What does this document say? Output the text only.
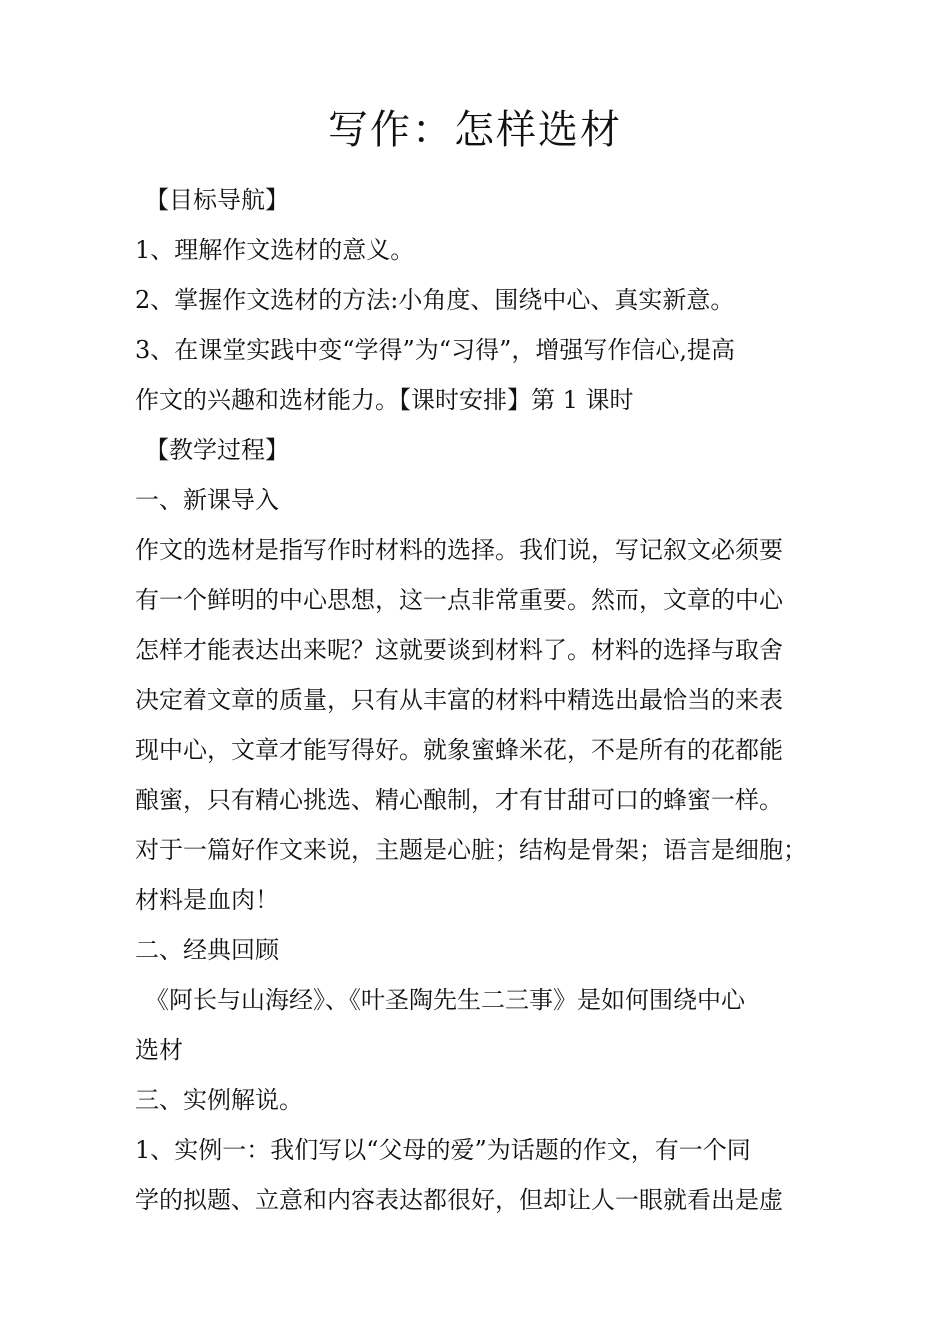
写作：怎样选材
【目标导航】
1、理解作文选材的意义。
2、掌握作文选材的方法:小角度、围绕中心、真实新意。
3、在课堂实践中变“学得”为“习得”，增强写作信心,提高
作文的兴趣和选材能力。【课时安排】第 1 课时
【教学过程】
一、新课导入
作文的选材是指写作时材料的选择。我们说，写记叙文必须要
有一个鲜明的中心思想，这一点非常重要。然而，文章的中心
怎样才能表达出来呢？这就要谈到材料了。材料的选择与取舍
决定着文章的质量，只有从丰富的材料中精选出最恰当的来表
现中心，文章才能写得好。就象蜜蜂米花，不是所有的花都能
酿蜜，只有精心挑选、精心酿制，才有甘甜可口的蜂蜜一样。
对于一篇好作文来说，主题是心脏；结构是骨架；语言是细胞；
材料是血肉！
二、经典回顾
《阿长与山海经》、《叶圣陶先生二三事》是如何围绕中心
选材
三、实例解说。
1、实例一：我们写以“父母的爱”为话题的作文，有一个同
学的拟题、立意和内容表达都很好，但却让人一眼就看出是虚
